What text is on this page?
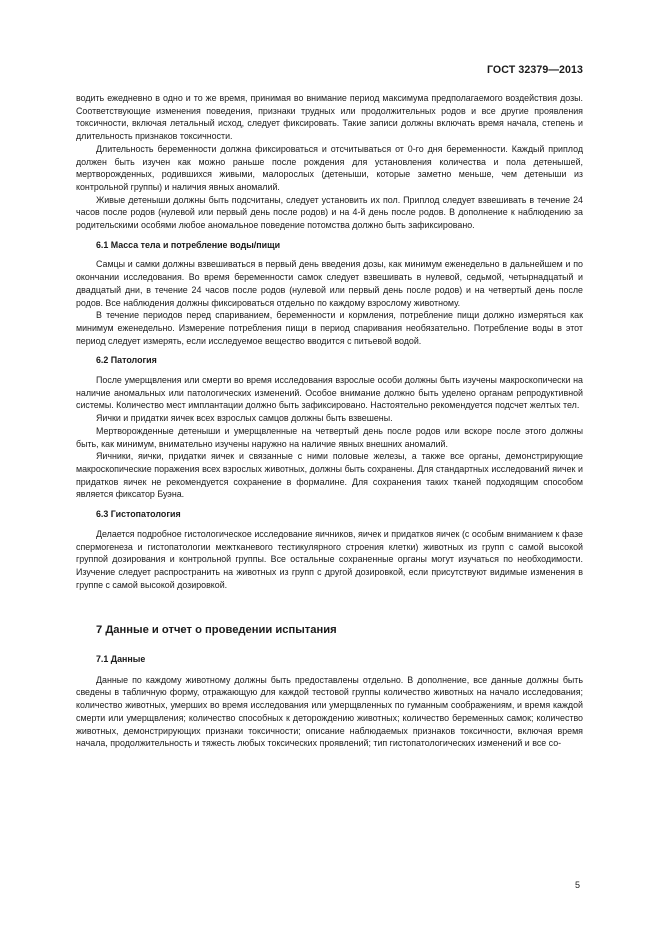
ГОСТ 32379—2013

водить ежедневно в одно и то же время, принимая во внимание период максимума предполагаемого воздействия дозы. Соответствующие изменения поведения, признаки трудных или продолжительных родов и все другие проявления токсичности, включая летальный исход, следует фиксировать. Такие записи должны включать время начала, степень и длительность признаков токсичности.

Длительность беременности должна фиксироваться и отсчитываться от 0-го дня беременности. Каждый приплод должен быть изучен как можно раньше после рождения для установления количества и пола детенышей, мертворожденных, родившихся живыми, малорослых (детеныши, которые заметно меньше, чем детеныши из контрольной группы) и наличия явных аномалий.

Живые детеныши должны быть подсчитаны, следует установить их пол. Приплод следует взвешивать в течение 24 часов после родов (нулевой или первый день после родов) и на 4-й день после родов. В дополнение к наблюдению за родительскими особями любое аномальное поведение потомства должно быть зафиксировано.

6.1 Масса тела и потребление воды/пищи

Самцы и самки должны взвешиваться в первый день введения дозы, как минимум еженедельно в дальнейшем и по окончании исследования. Во время беременности самок следует взвешивать в нулевой, седьмой, четырнадцатый и двадцатый дни, в течение 24 часов после родов (нулевой или первый день после родов) и на четвертый день после родов. Все наблюдения должны фиксироваться отдельно по каждому взрослому животному.

В течение периодов перед спариванием, беременности и кормления, потребление пищи должно измеряться как минимум еженедельно. Измерение потребления пищи в период спаривания необязательно. Потребление воды в этот период следует измерять, если исследуемое вещество вводится с питьевой водой.

6.2 Патология

После умерщвления или смерти во время исследования взрослые особи должны быть изучены макроскопически на наличие аномальных или патологических изменений. Особое внимание должно быть уделено органам репродуктивной системы. Количество мест имплантации должно быть зафиксировано. Настоятельно рекомендуется подсчет желтых тел.

Яички и придатки яичек всех взрослых самцов должны быть взвешены.

Мертворожденные детеныши и умерщвленные на четвертый день после родов или вскоре после этого должны быть, как минимум, внимательно изучены наружно на наличие явных внешних аномалий.

Яичники, яички, придатки яичек и связанные с ними половые железы, а также все органы, демонстрирующие макроскопические поражения всех взрослых животных, должны быть сохранены. Для стандартных исследований яичек и придатков яичек не рекомендуется сохранение в формалине. Для сохранения таких тканей подходящим способом является фиксатор Буэна.

6.3 Гистопатология

Делается подробное гистологическое исследование яичников, яичек и придатков яичек (с особым вниманием к фазе спермогенеза и гистопатологии межтканевого тестикулярного строения клетки) животных из групп с самой высокой группой дозирования и контрольной группы. Все остальные сохраненные органы могут изучаться по необходимости. Изучение следует распространить на животных из групп с другой дозировкой, если присутствуют видимые изменения в группе с самой высокой дозировкой.

7 Данные и отчет о проведении испытания

7.1 Данные

Данные по каждому животному должны быть предоставлены отдельно. В дополнение, все данные должны быть сведены в табличную форму, отражающую для каждой тестовой группы количество животных на начало исследования; количество животных, умерших во время исследования или умерщвленных по гуманным соображениям, и время каждой смерти или умерщвления; количество способных к деторождению животных; количество беременных самок; количество животных, демонстрирующих признаки токсичности; описание наблюдаемых признаков токсичности, включая время начала, продолжительность и тяжесть любых токсических проявлений; тип гистопатологических изменений и все со-

5
